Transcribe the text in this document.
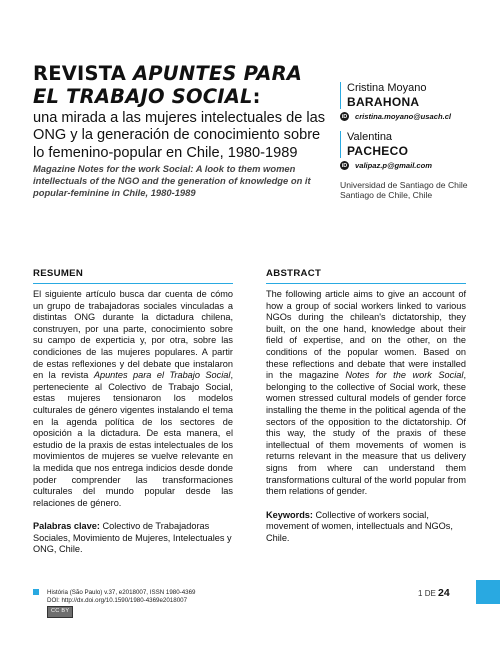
REVISTA APUNTES PARA EL TRABAJO SOCIAL:

una mirada a las mujeres intelectuales de las ONG y la generación de conocimiento sobre lo femenino-popular en Chile, 1980-1989

Magazine Notes for the work Social: A look to them women intellectuals of the NGO and the generation of knowledge on it popular-feminine in Chile, 1980-1989

Cristina Moyano
BARAHONA
iD cristina.moyano@usach.cl
Valentina
PACHECO
iD valipaz.p@gmail.com
Universidad de Santiago de Chile Santiago de Chile, Chile
RESUMEN

El siguiente artículo busca dar cuenta de cómo un grupo de trabajadoras sociales vinculadas a distintas ONG durante la dictadura chilena, construyen, por una parte, conocimiento sobre su campo de experticia y, por otra, sobre las condiciones de las mujeres populares. A partir de estas reflexiones y del debate que instalaron en la revista Apuntes para el Trabajo Social, perteneciente al Colectivo de Trabajo Social, estas mujeres tensionaron los modelos culturales de género vigentes instalando el tema en la agenda política de los sectores de oposición a la dictadura. De esta manera, el estudio de la praxis de estas intelectuales de los movimientos de mujeres se vuelve relevante en la medida que nos entrega indicios desde donde poder comprender las transformaciones culturales del mundo popular desde las relaciones de género.

Palabras clave: Colectivo de Trabajadoras Sociales, Movimiento de Mujeres, Intelectuales y ONG, Chile.
ABSTRACT

The following article aims to give an account of how a group of social workers linked to various NGOs during the chilean's dictatorship, they built, on the one hand, knowledge about their field of expertise, and on the other, on the conditions of the popular women. Based on these reflections and debate that were installed in the magazine Notes for the work Social, belonging to the collective of Social work, these women stressed cultural models of gender force installing the theme in the political agenda of the sectors of the opposition to the dictatorship. Of this way, the study of the praxis of these intellectual of them movements of women is returns relevant in the measure that us delivery signs from where can understand them transformations cultural of the world popular from them relations of gender.

Keywords: Collective of workers social, movement of women, intellectuals and NGOs, Chile.
História (São Paulo) v.37, e2018007, ISSN 1980-4369
DOI: http://dx.doi.org/10.1590/1980-4369e2018007
CC BY
1 DE 24
